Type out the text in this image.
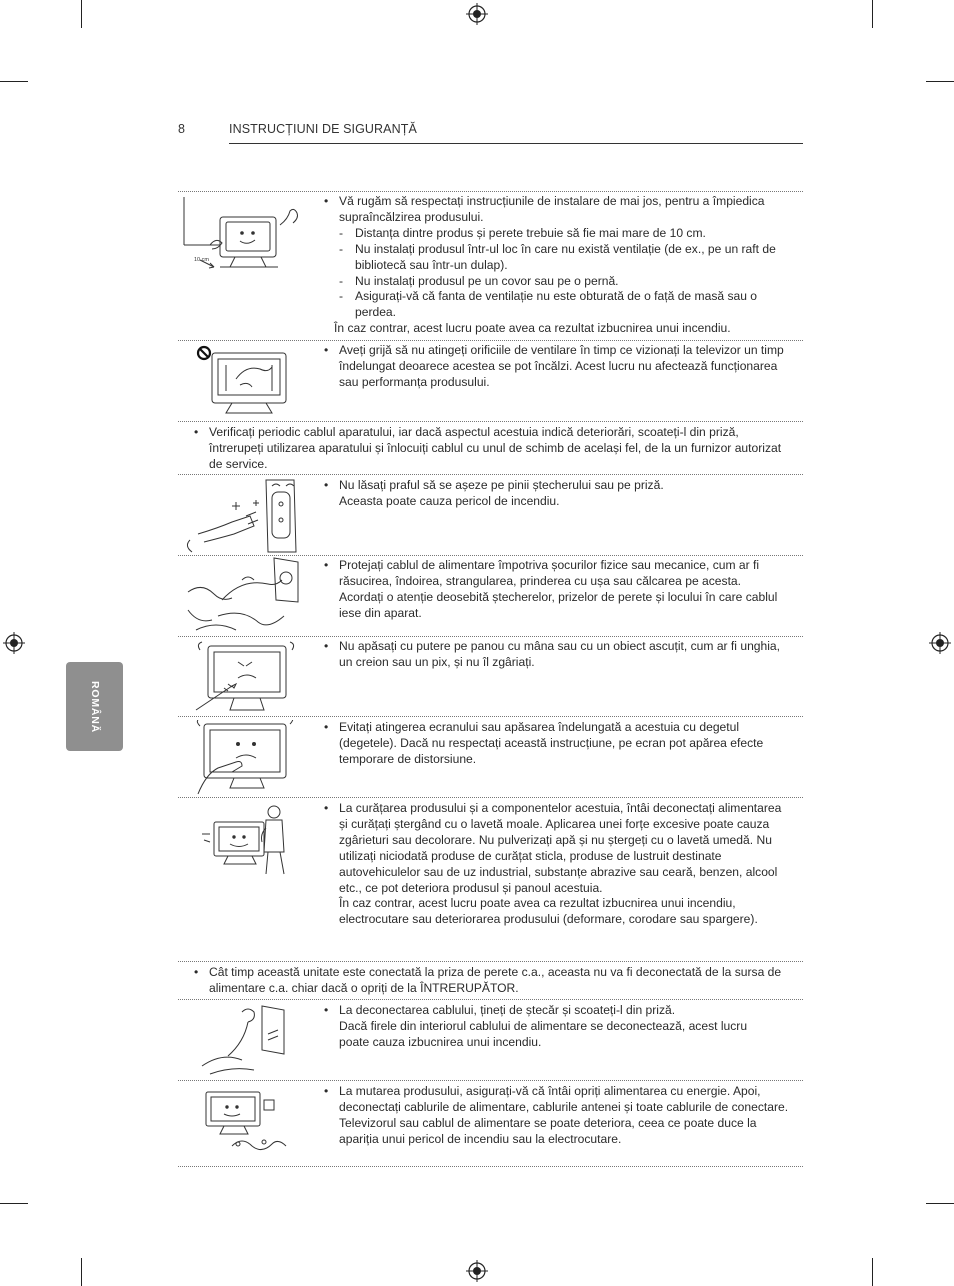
8	INSTRUCȚIUNI DE SIGURANȚĂ
ROMÂNĂ
10 cm
• Vă rugăm să respectați instrucțiunile de instalare de mai jos, pentru a împiedica supraîncălzirea produsului.
- Distanța dintre produs și perete trebuie să fie mai mare de 10 cm.
- Nu instalați produsul într-ul loc în care nu există ventilație (de ex., pe un raft de bibliotecă sau într-un dulap).
- Nu instalați produsul pe un covor sau pe o pernă.
- Asigurați-vă că fanta de ventilație nu este obturată de o față de masă sau o perdea.
În caz contrar, acest lucru poate avea ca rezultat izbucnirea unui incendiu.
• Aveți grijă să nu atingeți orificiile de ventilare în timp ce vizionați la televizor un timp îndelungat deoarece acestea se pot încălzi. Acest lucru nu afectează funcționarea sau performanța produsului.
• Verificați periodic cablul aparatului, iar dacă aspectul acestuia indică deteriorări, scoateți-l din priză, întrerupeți utilizarea aparatului și înlocuiți cablul cu unul de schimb de același fel, de la un furnizor autorizat de service.
• Nu lăsați praful să se așeze pe pinii ștecherului sau pe priză.
Aceasta poate cauza pericol de incendiu.
• Protejați cablul de alimentare împotriva șocurilor fizice sau mecanice, cum ar fi răsucirea, îndoirea, strangularea, prinderea cu ușa sau călcarea pe acesta. Acordați o atenție deosebită ștecherelor, prizelor de perete și locului în care cablul iese din aparat.
• Nu apăsați cu putere pe panou cu mâna sau cu un obiect ascuțit, cum ar fi unghia, un creion sau un pix, și nu îl zgâriați.
• Evitați atingerea ecranului sau apăsarea îndelungată a acestuia cu degetul (degetele). Dacă nu respectați această instrucțiune, pe ecran pot apărea efecte temporare de distorsiune.
• La curățarea produsului și a componentelor acestuia, întâi deconectați alimentarea și curățați ștergând cu o lavetă moale. Aplicarea unei forțe excesive poate cauza zgârieturi sau decolorare. Nu pulverizați apă și nu ștergeți cu o lavetă umedă. Nu utilizați niciodată produse de curățat sticla, produse de lustruit destinate autovehiculelor sau de uz industrial, substanțe abrazive sau ceară, benzen, alcool etc., ce pot deteriora produsul și panoul acestuia.
În caz contrar, acest lucru poate avea ca rezultat izbucnirea unui incendiu, electrocutare sau deteriorarea produsului (deformare, corodare sau spargere).
• Cât timp această unitate este conectată la priza de perete c.a., aceasta nu va fi deconectată de la sursa de alimentare c.a. chiar dacă o opriți de la ÎNTRERUPĂTOR.
• La deconectarea cablului, țineți de ștecăr și scoateți-l din priză.
Dacă firele din interiorul cablului de alimentare se deconectează, acest lucru poate cauza izbucnirea unui incendiu.
• La mutarea produsului, asigurați-vă că întâi opriți alimentarea cu energie. Apoi, deconectați cablurile de alimentare, cablurile antenei și toate cablurile de conectare.
Televizorul sau cablul de alimentare se poate deteriora, ceea ce poate duce la apariția unui pericol de incendiu sau la electrocutare.
